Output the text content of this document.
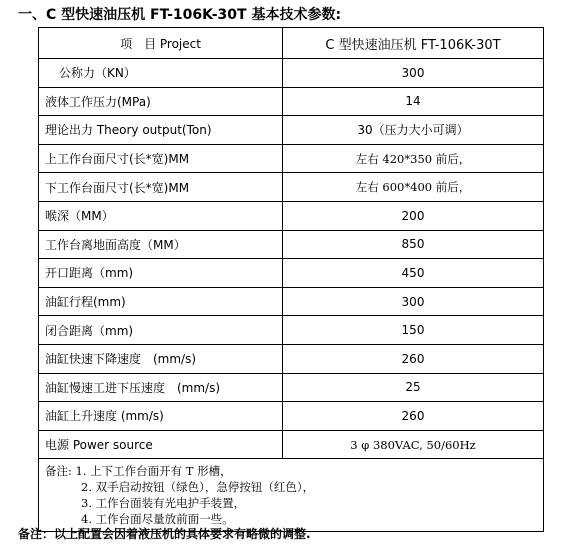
一、C 型快速油压机 FT-106K-30T 基本技术参数:
项　目 Project	C 型快速油压机 FT-106K-30T
公称力（KN）	300
液体工作压力(MPa)	14
理论出力 Theory output(Ton)	30（压力大小可调）
上工作台面尺寸(长*宽)MM	左右 420*350 前后，
下工作台面尺寸(长*宽)MM	左右 600*400 前后，
喉深（MM）	200
工作台离地面高度（MM）	850
开口距离（mm)	450
油缸行程(mm)	300
闭合距离（mm)	150
油缸快速下降速度　(mm/s)	260
油缸慢速工进下压速度　(mm/s)	25
油缸上升速度 (mm/s)	260
电源 Power source	3 φ 380VAC, 50/60Hz

备注: 1. 上下工作台面开有 T 形槽，
2. 双手启动按钮（绿色），急停按钮（红色），
3. 工作台面装有光电护手装置，
4. 工作台面尽量放前面一些。	
备注：以上配置会因着液压机的具体要求有略微的调整.
